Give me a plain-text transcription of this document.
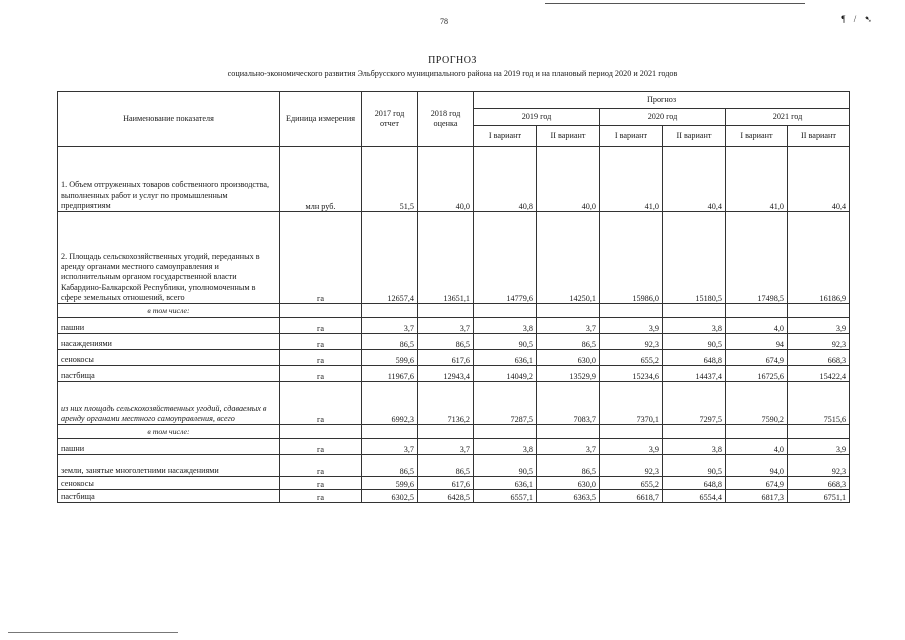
78	¶ / ➷
ПРОГНОЗ
социально-экономического развития Эльбрусского муниципального района на 2019 год и на плановый период 2020 и 2021 годов
Наименование показателя	Единица измерения	2017 год отчет	2018 год оценка	Прогноз					
				2019 год		2020 год		2021 год	
				I вариант	II вариант	I вариант	II вариант	I вариант	II вариант
1. Объем отгруженных товаров собственного производства, выполненных работ и услуг по промышленным предприятиям	млн руб.	51,5	40,0	40,8	40,0	41,0	40,4	41,0	40,4
2. Площадь сельскохозяйственных угодий, переданных в аренду органами местного самоуправления и исполнительным органом государственной власти Кабардино-Балкарской Республики, уполномоченным в сфере земельных отношений, всего	га	12657,4	13651,1	14779,6	14250,1	15986,0	15180,5	17498,5	16186,9
в том числе:									
пашни	га	3,7	3,7	3,8	3,7	3,9	3,8	4,0	3,9
насаждениями	га	86,5	86,5	90,5	86,5	92,3	90,5	94	92,3
сенокосы	га	599,6	617,6	636,1	630,0	655,2	648,8	674,9	668,3
пастбища	га	11967,6	12943,4	14049,2	13529,9	15234,6	14437,4	16725,6	15422,4
из них площадь сельскохозяйственных угодий, сдаваемых в аренду органами местного самоуправления, всего	га	6992,3	7136,2	7287,5	7083,7	7370,1	7297,5	7590,2	7515,6
в том числе:									
пашни	га	3,7	3,7	3,8	3,7	3,9	3,8	4,0	3,9
земли, занятые многолетними насаждениями	га	86,5	86,5	90,5	86,5	92,3	90,5	94,0	92,3
сенокосы	га	599,6	617,6	636,1	630,0	655,2	648,8	674,9	668,3
пастбища	га	6302,5	6428,5	6557,1	6363,5	6618,7	6554,4	6817,3	6751,1
